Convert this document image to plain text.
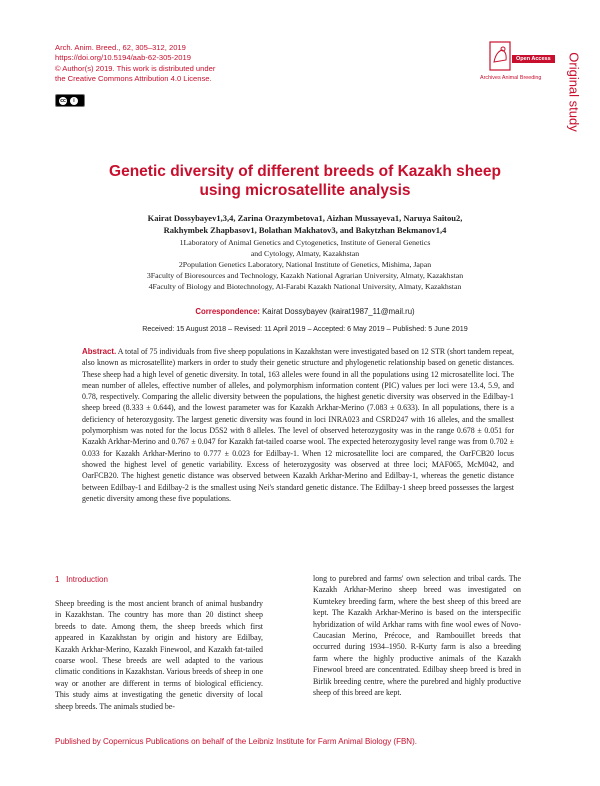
Arch. Anim. Breed., 62, 305–312, 2019
https://doi.org/10.5194/aab-62-305-2019
© Author(s) 2019. This work is distributed under
the Creative Commons Attribution 4.0 License.
cc	i
Open Access
Archives Animal Breeding Original study
Genetic diversity of different breeds of Kazakh sheep
using microsatellite analysis
Kairat Dossybayev1,3,4, Zarina Orazymbetova1, Aizhan Mussayeva1, Naruya Saitou2,
Rakhymbek Zhapbasov1, Bolathan Makhatov3, and Bakytzhan Bekmanov1,4
1Laboratory of Animal Genetics and Cytogenetics, Institute of General Genetics
and Cytology, Almaty, Kazakhstan
2Population Genetics Laboratory, National Institute of Genetics, Mishima, Japan
3Faculty of Bioresources and Technology, Kazakh National Agrarian University, Almaty, Kazakhstan
4Faculty of Biology and Biotechnology, Al-Farabi Kazakh National University, Almaty, Kazakhstan
Correspondence: Kairat Dossybayev (kairat1987_11@mail.ru)
Received: 15 August 2018 – Revised: 11 April 2019 – Accepted: 6 May 2019 – Published: 5 June 2019
Abstract. A total of 75 individuals from five sheep populations in Kazakhstan were investigated based on 12 STR (short tandem repeat, also known as microsatellite) markers in order to study their genetic structure and phylogenetic relationship based on genetic distances. These sheep had a high level of genetic diversity. In total, 163 alleles were found in all the populations using 12 microsatellite loci. The mean number of alleles, effective number of alleles, and polymorphism information content (PIC) values per loci were 13.4, 5.9, and 0.78, respectively. Comparing the allelic diversity between the populations, the highest genetic diversity was observed in the Edilbay-1 sheep breed (8.333 ± 0.644), and the lowest parameter was for Kazakh Arkhar-Merino (7.083 ± 0.633). In all populations, there is a deficiency of heterozygosity. The largest genetic diversity was found in loci INRA023 and CSRD247 with 16 alleles, and the smallest polymorphism was noted for the locus D5S2 with 8 alleles. The level of observed heterozygosity was in the range 0.678 ± 0.051 for Kazakh Arkhar-Merino and 0.767 ± 0.047 for Kazakh fat-tailed coarse wool. The expected heterozygosity level range was from 0.702 ± 0.033 for Kazakh Arkhar-Merino to 0.777 ± 0.023 for Edilbay-1. When 12 microsatellite loci are compared, the OarFCB20 locus showed the highest level of genetic variability. Excess of heterozygosity was observed at three loci; MAF065, McM042, and OarFCB20. The highest genetic distance was observed between Kazakh Arkhar-Merino and Edilbay-1, whereas the genetic distance between Edilbay-1 and Edilbay-2 is the smallest using Nei's standard genetic distance. The Edilbay-1 sheep breed possesses the largest genetic diversity among these five populations.
1 Introduction
Sheep breeding is the most ancient branch of animal husbandry in Kazakhstan. The country has more than 20 distinct sheep breeds to date. Among them, the sheep breeds which first appeared in Kazakhstan by origin and history are Edilbay, Kazakh Arkhar-Merino, Kazakh Finewool, and Kazakh fat-tailed coarse wool. These breeds are well adapted to the various climatic conditions in Kazakhstan. Various breeds of sheep in one way or another are different in terms of biological efficiency. This study aims at investigating the genetic diversity of local sheep breeds. The animals studied be-
long to purebred and farms' own selection and tribal cards. The Kazakh Arkhar-Merino sheep breed was investigated on Kumtekey breeding farm, where the best sheep of this breed are kept. The Kazakh Arkhar-Merino is based on the interspecific hybridization of wild Arkhar rams with fine wool ewes of Novo-Caucasian Merino, Précoce, and Rambouillet breeds that occurred during 1934–1950. R-Kurty farm is also a breeding farm where the highly productive animals of the Kazakh Finewool breed are concentrated. Edilbay sheep breed is bred in Birlik breeding centre, where the purebred and highly productive sheep of this breed are kept.
Published by Copernicus Publications on behalf of the Leibniz Institute for Farm Animal Biology (FBN).
